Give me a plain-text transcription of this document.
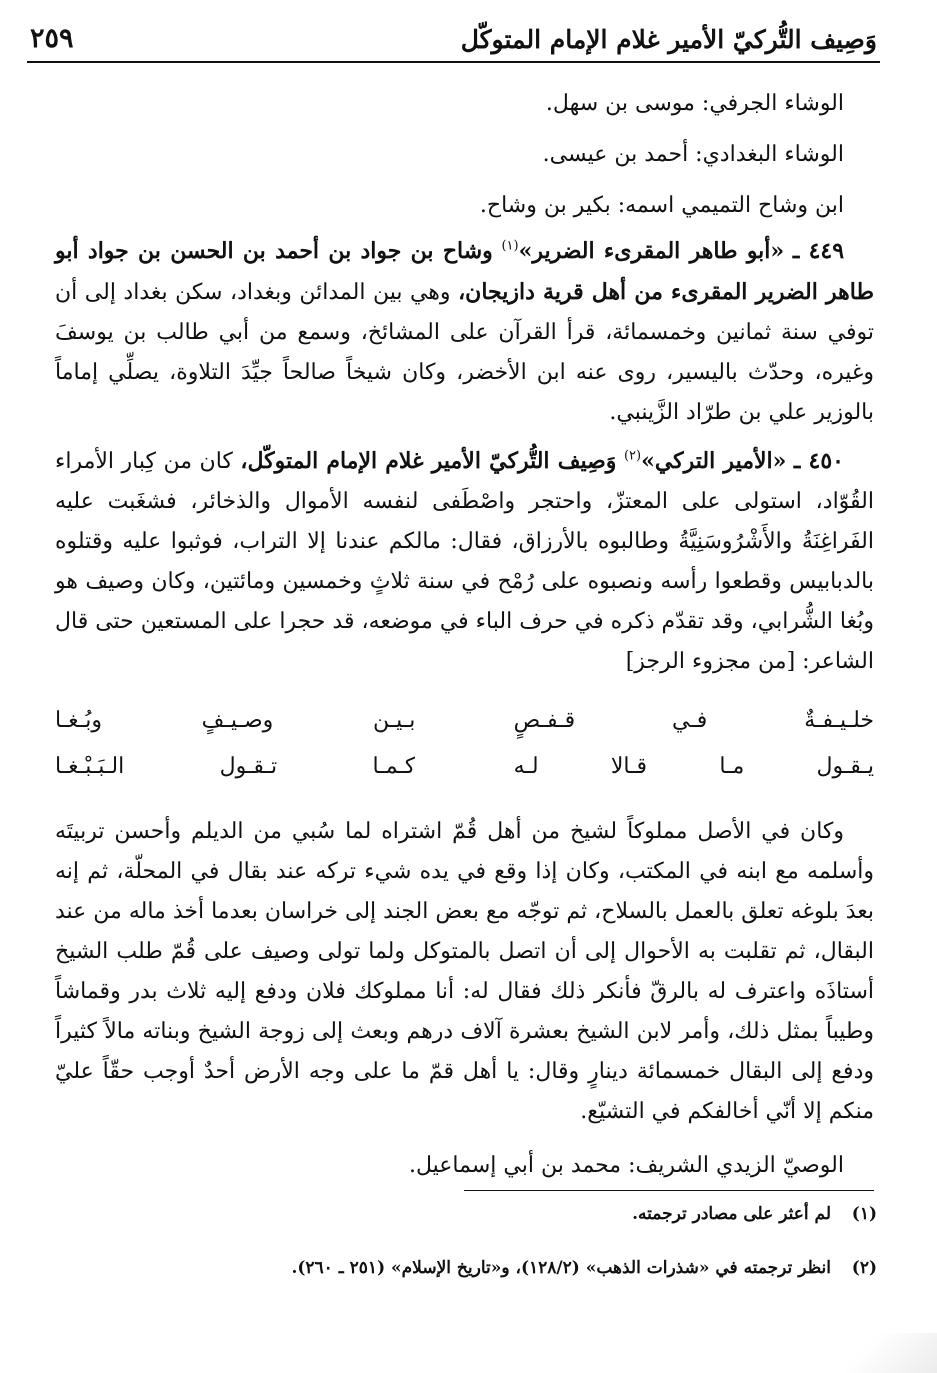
وَصِيف التُّركيّ الأمير غلام الإمام المتوكّل
٢٥٩

الوشاء الجرفي: موسى بن سهل.

الوشاء البغدادي: أحمد بن عيسى.

ابن وشاح التميمي اسمه: بكير بن وشاح.

٤٤٩ ـ «أبو طاهر المقرىء الضرير»$^{(١)}$ وشاح بن جواد بن أحمد بن الحسن بن جواد أبو طاهر الضرير المقرىء من أهل قرية دازيجان، وهي بين المدائن وبغداد، سكن بغداد إلى أن توفي سنة ثمانين وخمسمائة، قرأ القرآن على المشائخ، وسمع من أبي طالب بن يوسفَ وغيره، وحدّث باليسير، روى عنه ابن الأخضر، وكان شيخاً صالحاً جيِّدَ التلاوة، يصلِّي إماماً بالوزير علي بن طرّاد الزَّينبي.

٤٥٠ ـ «الأمير التركي»$^{(٢)}$ وَصِيف التُّركيّ الأمير غلام الإمام المتوكّل، كان من كِبار الأمراء القُوّاد، استولى على المعتزّ، واحتجر واصْطَفى لنفسه الأموال والذخائر، فشغَبت عليه الفَراغِنَةُ والأَشْرُوسَنِيَّةُ وطالبوه بالأرزاق، فقال: مالكم عندنا إلا التراب، فوثبوا عليه وقتلوه بالدبابيس وقطعوا رأسه ونصبوه على رُمْح في سنة ثلاثٍ وخمسين ومائتين، وكان وصيف هو وبُغا الشُّرابي، وقد تقدّم ذكره في حرف الباء في موضعه، قد حجرا على المستعين حتى قال الشاعر: [من مجزوء الرجز]

خلـيـفـةٌ فـي قـفـصٍ
بـيـن وصـيـفٍ وبُـغـا
يـقـول مـا قـالا لـه
كـمـا تـقـول الـبَـبْـغـا

وكان في الأصل مملوكاً لشيخ من أهل قُمّ اشتراه لما سُبي من الديلم وأحسن تربيتَه وأسلمه مع ابنه في المكتب، وكان إذا وقع في يده شيء تركه عند بقال في المحلّة، ثم إنه بعدَ بلوغه تعلق بالعمل بالسلاح، ثم توجّه مع بعض الجند إلى خراسان بعدما أخذ ماله من عند البقال، ثم تقلبت به الأحوال إلى أن اتصل بالمتوكل ولما تولى وصيف على قُمّ طلب الشيخ أستاذَه واعترف له بالرقّ فأنكر ذلك فقال له: أنا مملوكك فلان ودفع إليه ثلاث بدر وقماشاً وطيباً بمثل ذلك، وأمر لابن الشيخ بعشرة آلاف درهم وبعث إلى زوجة الشيخ وبناته مالاً كثيراً ودفع إلى البقال خمسمائة دينارٍ وقال: يا أهل قمّ ما على وجه الأرض أحدٌ أوجب حقّاً عليّ منكم إلا أنّي أخالفكم في التشيّع.

الوصيّ الزيدي الشريف: محمد بن أبي إسماعيل.

(١)
لم أعثر على مصادر ترجمته.
(٢)
انظر ترجمته في «شذرات الذهب» (١٢٨/٢)، و«تاريخ الإسلام» (٢٥١ ـ ٢٦٠).
